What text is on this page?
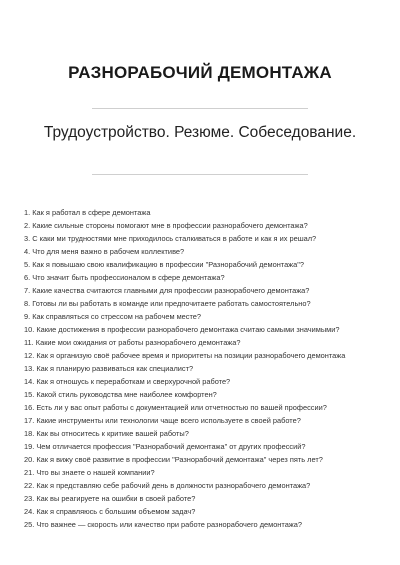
РАЗНОРАБОЧИЙ ДЕМОНТАЖА
Трудоустройство. Резюме. Собеседование.
1. Как я работал в сфере демонтажа
2. Какие сильные стороны помогают мне в профессии разнорабочего демонтажа?
3. С каки ми трудностями мне приходилось сталкиваться в работе и как я их решал?
4. Что для меня важно в рабочем коллективе?
5. Как я повышаю свою квалификацию в профессии "Разнорабочий демонтажа"?
6. Что значит быть профессионалом в сфере демонтажа?
7. Какие качества считаются главными для профессии разнорабочего демонтажа?
8. Готовы ли вы работать в команде или предпочитаете работать самостоятельно?
9. Как справляться со стрессом на рабочем месте?
10. Какие достижения в профессии разнорабочего демонтажа считаю самыми значимыми?
11. Какие мои ожидания от работы разнорабочего демонтажа?
12. Как я организую своё рабочее время и приоритеты на позиции разнорабочего демонтажа
13. Как я планирую развиваться как специалист?
14. Как я отношусь к переработкам и сверхурочной работе?
15. Какой стиль руководства мне наиболее комфортен?
16. Есть ли у вас опыт работы с документацией или отчетностью по вашей профессии?
17. Какие инструменты или технологии чаще всего используете в своей работе?
18. Как вы относитесь к критике вашей работы?
19. Чем отличается профессия "Разнорабочий демонтажа" от других профессий?
20. Как я вижу своё развитие в профессии "Разнорабочий демонтажа" через пять лет?
21. Что вы знаете о нашей компании?
22. Как я представляю себе рабочий день в должности разнорабочего демонтажа?
23. Как вы реагируете на ошибки в своей работе?
24. Как я справляюсь с большим объемом задач?
25. Что важнее — скорость или качество при работе разнорабочего демонтажа?
